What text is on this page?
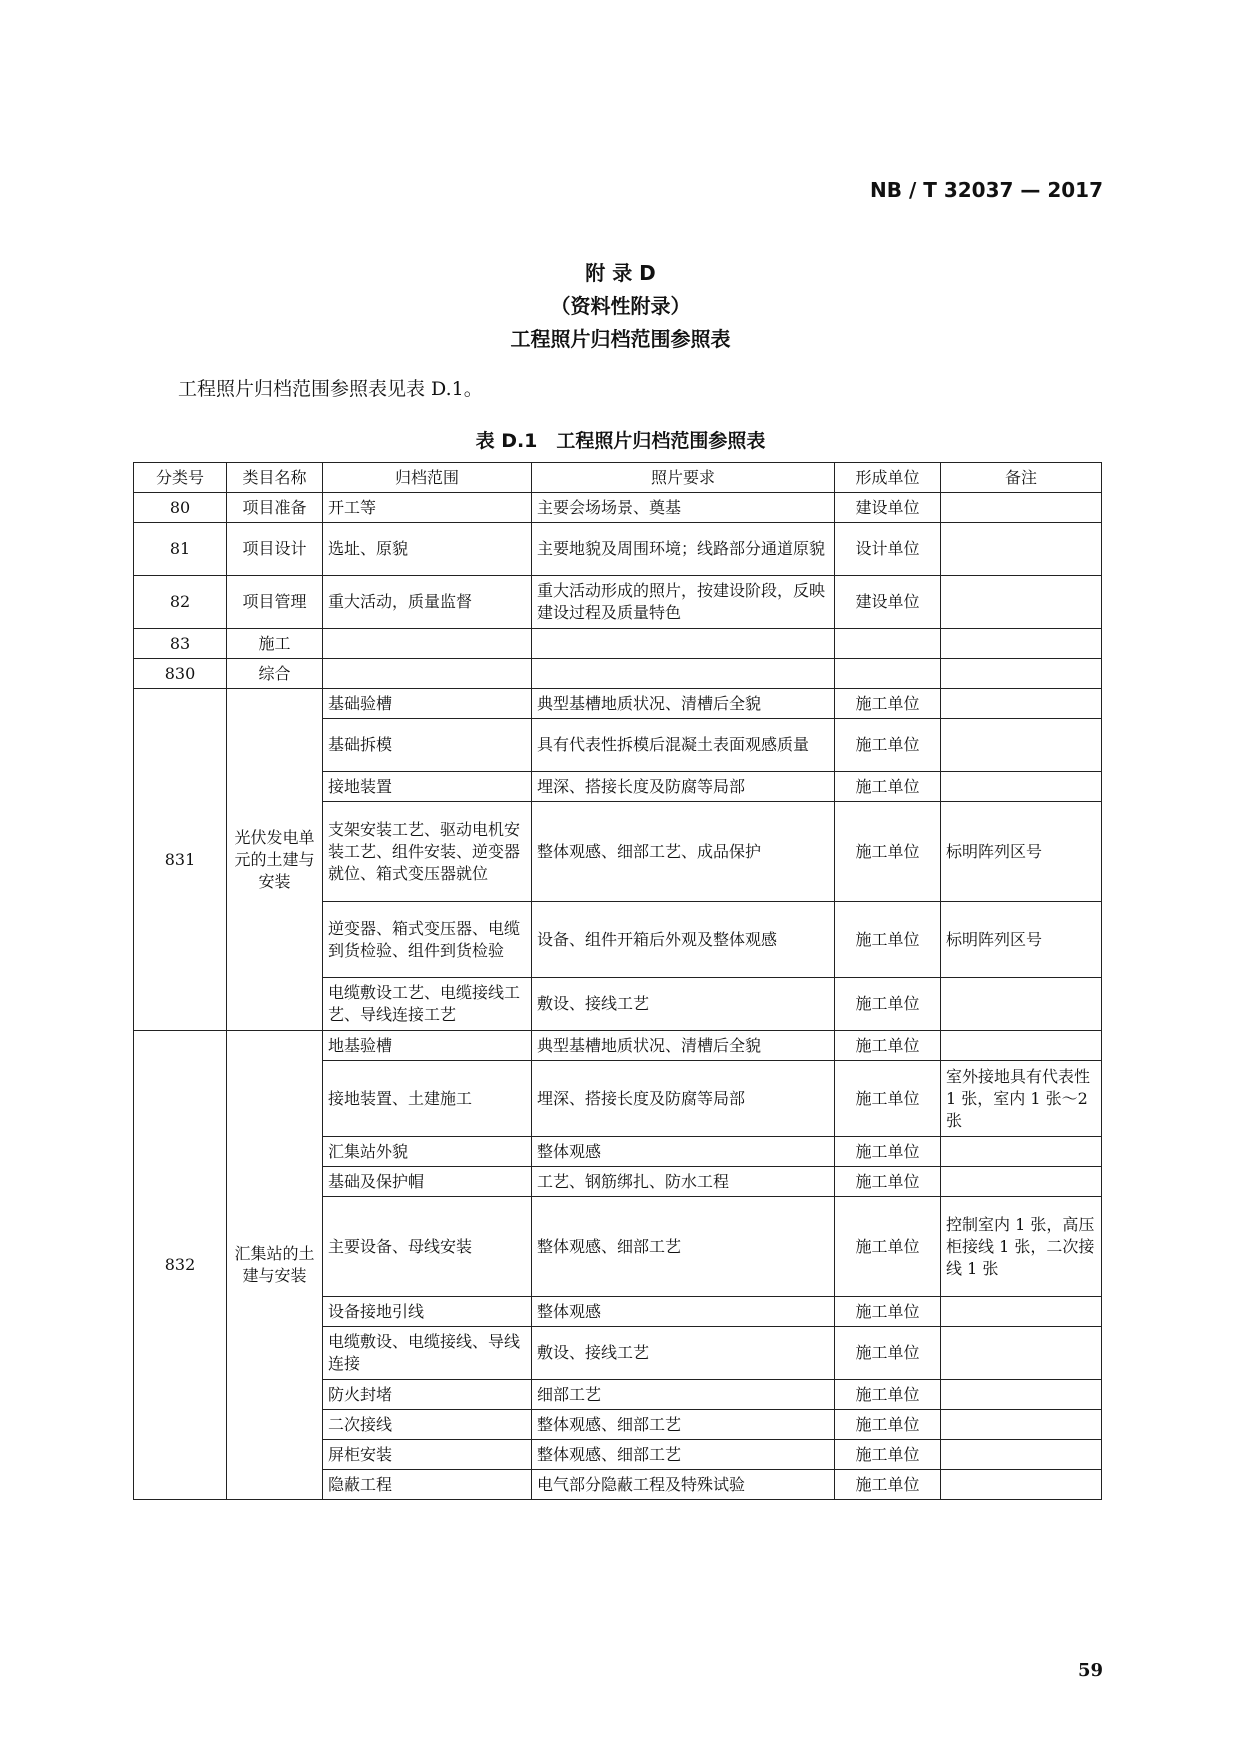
NB / T 32037 — 2017
附 录 D
（资料性附录）
工程照片归档范围参照表
工程照片归档范围参照表见表 D.1。
表 D.1　工程照片归档范围参照表
分类号	类目名称	归档范围	照片要求	形成单位	备注
80	项目准备	开工等	主要会场场景、奠基	建设单位	
81	项目设计	选址、原貌	主要地貌及周围环境；线路部分通道原貌	设计单位	
82	项目管理	重大活动，质量监督	重大活动形成的照片，按建设阶段，反映建设过程及质量特色	建设单位	
83	施工				
830	综合				
831	光伏发电单元的土建与安装	基础验槽	典型基槽地质状况、清槽后全貌	施工单位	
		基础拆模	具有代表性拆模后混凝土表面观感质量	施工单位	
		接地装置	埋深、搭接长度及防腐等局部	施工单位	
		支架安装工艺、驱动电机安装工艺、组件安装、逆变器就位、箱式变压器就位	整体观感、细部工艺、成品保护	施工单位	标明阵列区号
		逆变器、箱式变压器、电缆到货检验、组件到货检验	设备、组件开箱后外观及整体观感	施工单位	标明阵列区号
		电缆敷设工艺、电缆接线工艺、导线连接工艺	敷设、接线工艺	施工单位	
832	汇集站的土建与安装	地基验槽	典型基槽地质状况、清槽后全貌	施工单位	
		接地装置、土建施工	埋深、搭接长度及防腐等局部	施工单位	室外接地具有代表性 1 张，室内 1 张～2 张
		汇集站外貌	整体观感	施工单位	
		基础及保护帽	工艺、钢筋绑扎、防水工程	施工单位	
		主要设备、母线安装	整体观感、细部工艺	施工单位	控制室内 1 张，高压柜接线 1 张，二次接线 1 张
		设备接地引线	整体观感	施工单位	
		电缆敷设、电缆接线、导线连接	敷设、接线工艺	施工单位	
		防火封堵	细部工艺	施工单位	
		二次接线	整体观感、细部工艺	施工单位	
		屏柜安装	整体观感、细部工艺	施工单位	
		隐蔽工程	电气部分隐蔽工程及特殊试验	施工单位	
59
